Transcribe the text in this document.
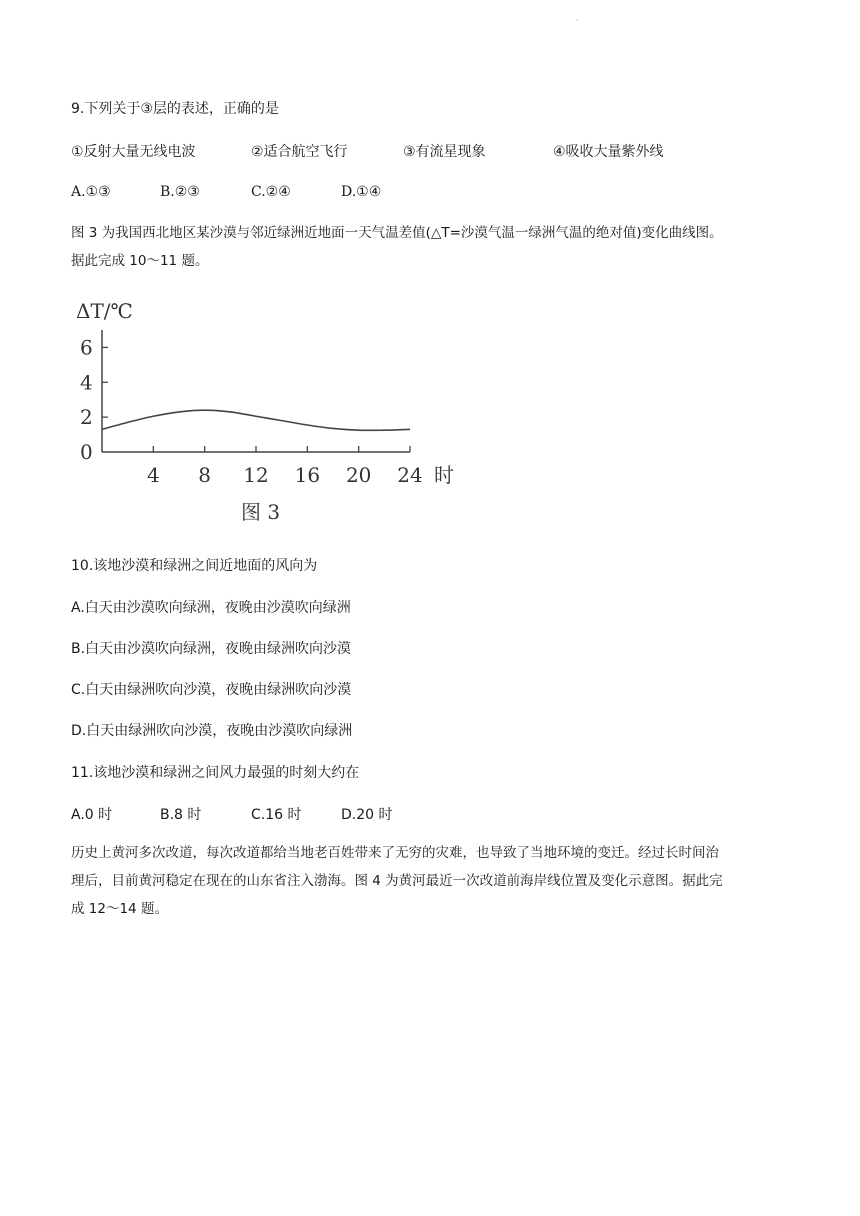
·
9.下列关于③层的表述，正确的是
①反射大量无线电波	②适合航空飞行	③有流星现象	④吸收大量紫外线
A.①③	B.②③	C.②④	D.①④
图 3 为我国西北地区某沙漠与邻近绿洲近地面一天气温差值(△T=沙漠气温一绿洲气温的绝对值)变化曲线图。
据此完成 10～11 题。
ΔT/℃
0
2
4
6
4 8 12 16 20 24 时
图 3
10.该地沙漠和绿洲之间近地面的风向为
A.白天由沙漠吹向绿洲，夜晚由沙漠吹向绿洲
B.白天由沙漠吹向绿洲，夜晚由绿洲吹向沙漠
C.白天由绿洲吹向沙漠，夜晚由绿洲吹向沙漠
D.白天由绿洲吹向沙漠，夜晚由沙漠吹向绿洲
11.该地沙漠和绿洲之间风力最强的时刻大约在
A.0 时	B.8 时	C.16 时	D.20 时
历史上黄河多次改道，每次改道都给当地老百姓带来了无穷的灾难，也导致了当地环境的变迁。经过长时间治
理后，目前黄河稳定在现在的山东省注入渤海。图 4 为黄河最近一次改道前海岸线位置及变化示意图。据此完
成 12～14 题。
